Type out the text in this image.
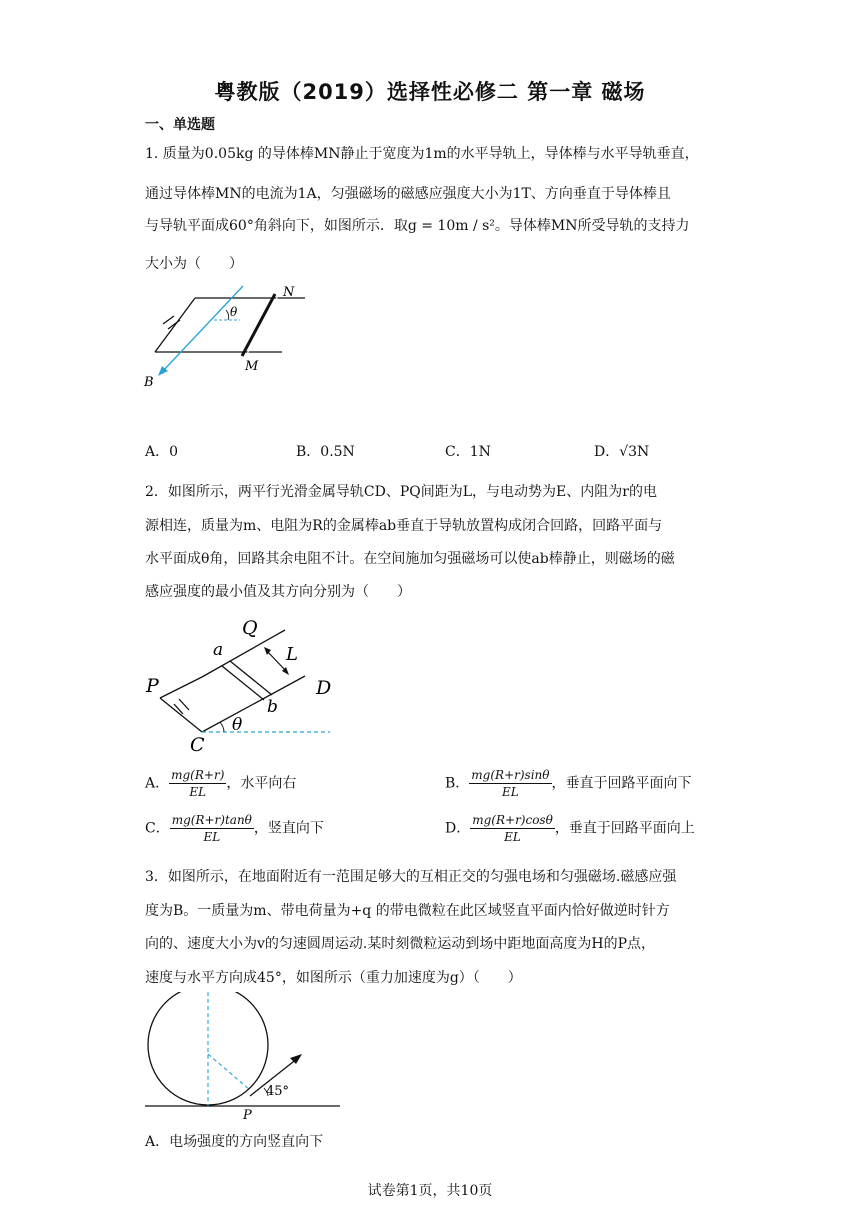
粤教版（2019）选择性必修二 第一章 磁场
一、单选题
1. 质量为0.05kg 的导体棒MN静止于宽度为1m的水平导轨上，导体棒与水平导轨垂直，
通过导体棒MN的电流为1A，匀强磁场的磁感应强度大小为1T、方向垂直于导体棒且
与导轨平面成60°角斜向下，如图所示．取g = 10m / s²。导体棒MN所受导轨的支持力
大小为（　　）
θ
N
M
B
A．0	B．0.5N	C．1N	D．√3N
2．如图所示，两平行光滑金属导轨CD、PQ间距为L，与电动势为E、内阻为r的电
源相连，质量为m、电阻为R的金属棒ab垂直于导轨放置构成闭合回路，回路平面与
水平面成θ角，回路其余电阻不计。在空间施加匀强磁场可以使ab棒静止，则磁场的磁
感应强度的最小值及其方向分别为（　　）
Q
a	L
P	D
b
θ
C
A． $\frac{mg(R+r)}{EL}$ ，水平向右	B． $\frac{mg(R+r)\sin\theta}{EL}$ ，垂直于回路平面向下
C． $\frac{mg(R+r)\tan\theta}{EL}$ ，竖直向下	D． $\frac{mg(R+r)\cos\theta}{EL}$ ，垂直于回路平面向上
3．如图所示，在地面附近有一范围足够大的互相正交的匀强电场和匀强磁场.磁感应强
度为B。一质量为m、带电荷量为+q 的带电微粒在此区域竖直平面内恰好做逆时针方
向的、速度大小为v的匀速圆周运动.某时刻微粒运动到场中距地面高度为H的P点，
速度与水平方向成45°，如图所示（重力加速度为g）（　　）
45°
P
A．电场强度的方向竖直向下
试卷第1页，共10页
